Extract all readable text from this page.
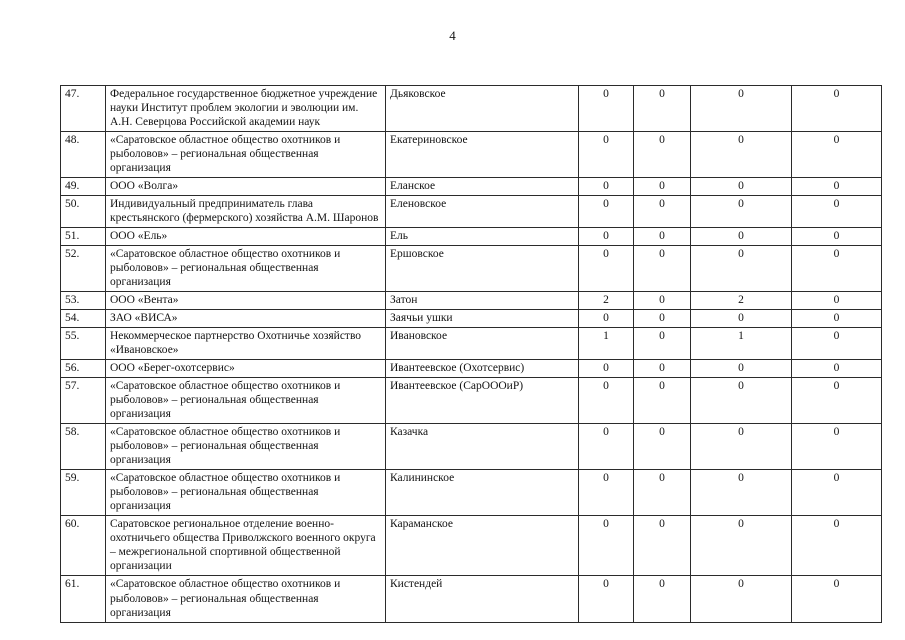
4
47.	Федеральное государственное бюджетное учреждение науки Институт проблем экологии и эволюции им. А.Н. Северцова Российской академии наук	Дьяковское	0	0	0	0
48.	«Саратовское областное общество охотников и рыболовов» – региональная общественная организация	Екатериновское	0	0	0	0
49.	ООО «Волга»	Еланское	0	0	0	0
50.	Индивидуальный предприниматель глава крестьянского (фермерского) хозяйства А.М. Шаронов	Еленовское	0	0	0	0
51.	ООО «Ель»	Ель	0	0	0	0
52.	«Саратовское областное общество охотников и рыболовов» – региональная общественная организация	Ершовское	0	0	0	0
53.	ООО «Вента»	Затон	2	0	2	0
54.	ЗАО «ВИСА»	Заячьи ушки	0	0	0	0
55.	Некоммерческое партнерство Охотничье хозяйство «Ивановское»	Ивановское	1	0	1	0
56.	ООО «Берег-охотсервис»	Ивантеевское (Охотсервис)	0	0	0	0
57.	«Саратовское областное общество охотников и рыболовов» – региональная общественная организация	Ивантеевское (СарОООиР)	0	0	0	0
58.	«Саратовское областное общество охотников и рыболовов» – региональная общественная организация	Казачка	0	0	0	0
59.	«Саратовское областное общество охотников и рыболовов» – региональная общественная организация	Калининское	0	0	0	0
60.	Саратовское региональное отделение военно-охотничьего общества Приволжского военного округа – межрегиональной спортивной общественной организации	Караманское	0	0	0	0
61.	«Саратовское областное общество охотников и рыболовов» – региональная общественная организация	Кистендей	0	0	0	0
